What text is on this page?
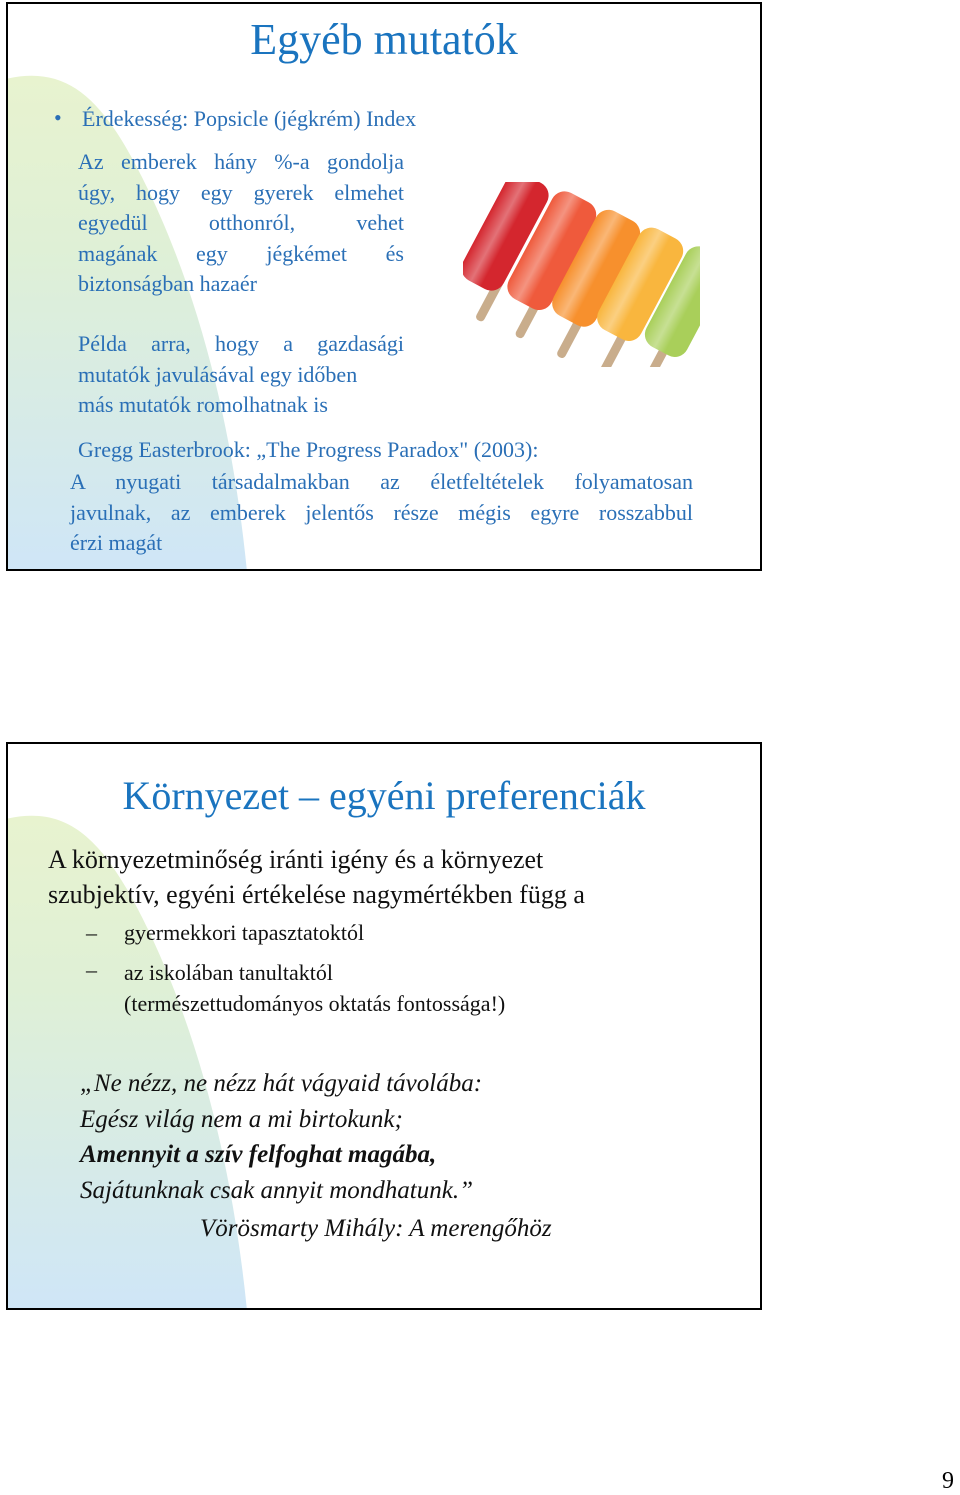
Egyéb mutatók
• Érdekesség: Popsicle (jégkrém) Index
Az emberek hány %-a gondolja
úgy, hogy egy gyerek elmehet
egyedül otthonról, vehet
magának egy jégkémet és
biztonságban hazaér
Példa arra, hogy a gazdasági
mutatók javulásával egy időben
más mutatók romolhatnak is

Gregg Easterbrook: „The Progress Paradox" (2003):

A nyugati társadalmakban az életfeltételek folyamatosan
javulnak, az emberek jelentős része mégis egyre rosszabbul
érzi magát
Környezet – egyéni preferenciák
A környezetminőség iránti igény és a környezet
szubjektív, egyéni értékelése nagymértékben függ a
– gyermekkori tapasztatoktól
– az iskolában tanultaktól
(természettudományos oktatás fontossága!)
„Ne nézz, ne nézz hát vágyaid távolába:
Egész világ nem a mi birtokunk;
Amennyit a szív felfoghat magába,
Sajátunknak csak annyit mondhatunk.”

Vörösmarty Mihály: A merengőhöz

9
